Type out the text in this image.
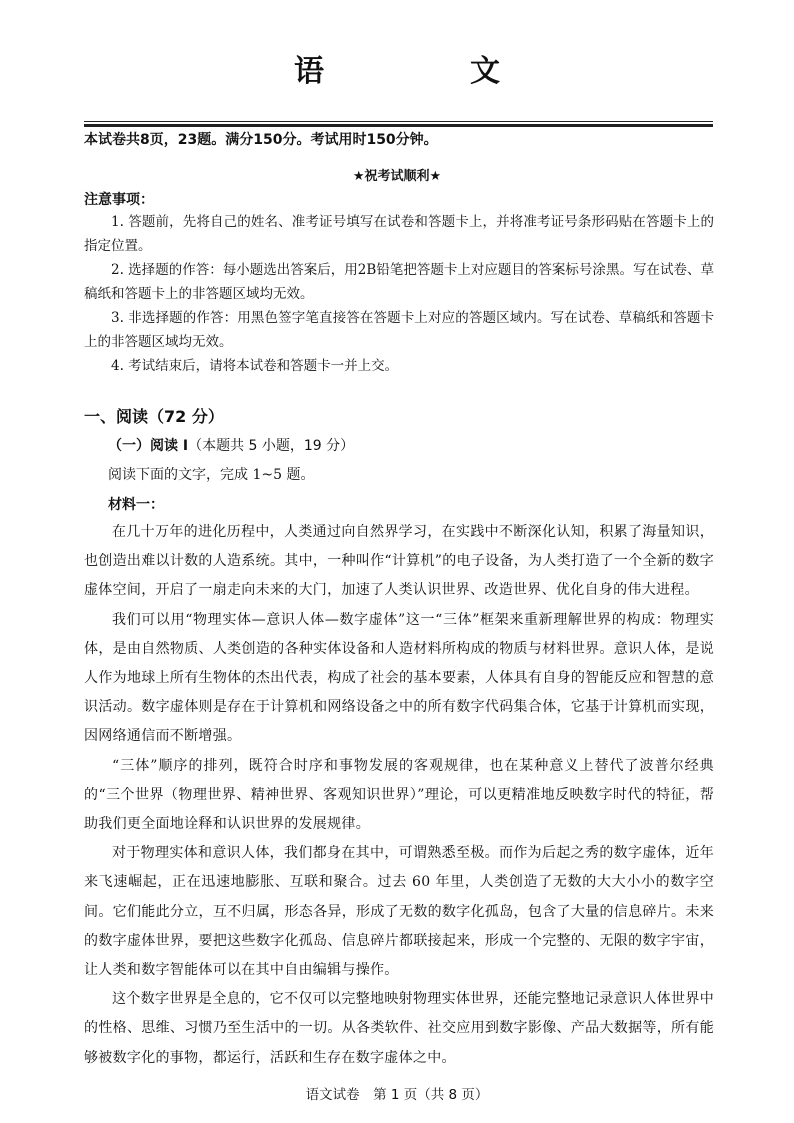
语　文
本试卷共8页，23题。满分150分。考试用时150分钟。
★祝考试顺利★
注意事项：

1. 答题前，先将自己的姓名、准考证号填写在试卷和答题卡上，并将准考证号条形码贴在答题卡上的指定位置。

2. 选择题的作答：每小题选出答案后，用2B铅笔把答题卡上对应题目的答案标号涂黑。写在试卷、草稿纸和答题卡上的非答题区域均无效。

3. 非选择题的作答：用黑色签字笔直接答在答题卡上对应的答题区域内。写在试卷、草稿纸和答题卡上的非答题区域均无效。

4. 考试结束后，请将本试卷和答题卡一并上交。

一、阅读（72 分）
（一）阅读 I（本题共 5 小题，19 分）
阅读下面的文字，完成 1~5 题。
材料一：

在几十万年的进化历程中，人类通过向自然界学习，在实践中不断深化认知，积累了海量知识，也创造出难以计数的人造系统。其中，一种叫作“计算机”的电子设备，为人类打造了一个全新的数字虚体空间，开启了一扇走向未来的大门，加速了人类认识世界、改造世界、优化自身的伟大进程。

我们可以用“物理实体—意识人体—数字虚体”这一“三体”框架来重新理解世界的构成：物理实体，是由自然物质、人类创造的各种实体设备和人造材料所构成的物质与材料世界。意识人体，是说人作为地球上所有生物体的杰出代表，构成了社会的基本要素，人体具有自身的智能反应和智慧的意识活动。数字虚体则是存在于计算机和网络设备之中的所有数字代码集合体，它基于计算机而实现，因网络通信而不断增强。

“三体”顺序的排列，既符合时序和事物发展的客观规律，也在某种意义上替代了波普尔经典的“三个世界（物理世界、精神世界、客观知识世界）”理论，可以更精准地反映数字时代的特征，帮助我们更全面地诠释和认识世界的发展规律。

对于物理实体和意识人体，我们都身在其中，可谓熟悉至极。而作为后起之秀的数字虚体，近年来飞速崛起，正在迅速地膨胀、互联和聚合。过去 60 年里，人类创造了无数的大大小小的数字空间。它们能此分立，互不归属，形态各异，形成了无数的数字化孤岛，包含了大量的信息碎片。未来的数字虚体世界，要把这些数字化孤岛、信息碎片都联接起来，形成一个完整的、无限的数字宇宙，让人类和数字智能体可以在其中自由编辑与操作。

这个数字世界是全息的，它不仅可以完整地映射物理实体世界，还能完整地记录意识人体世界中的性格、思维、习惯乃至生活中的一切。从各类软件、社交应用到数字影像、产品大数据等，所有能够被数字化的事物，都运行，活跃和生存在数字虚体之中。

语文试卷　第 1 页（共 8 页）
